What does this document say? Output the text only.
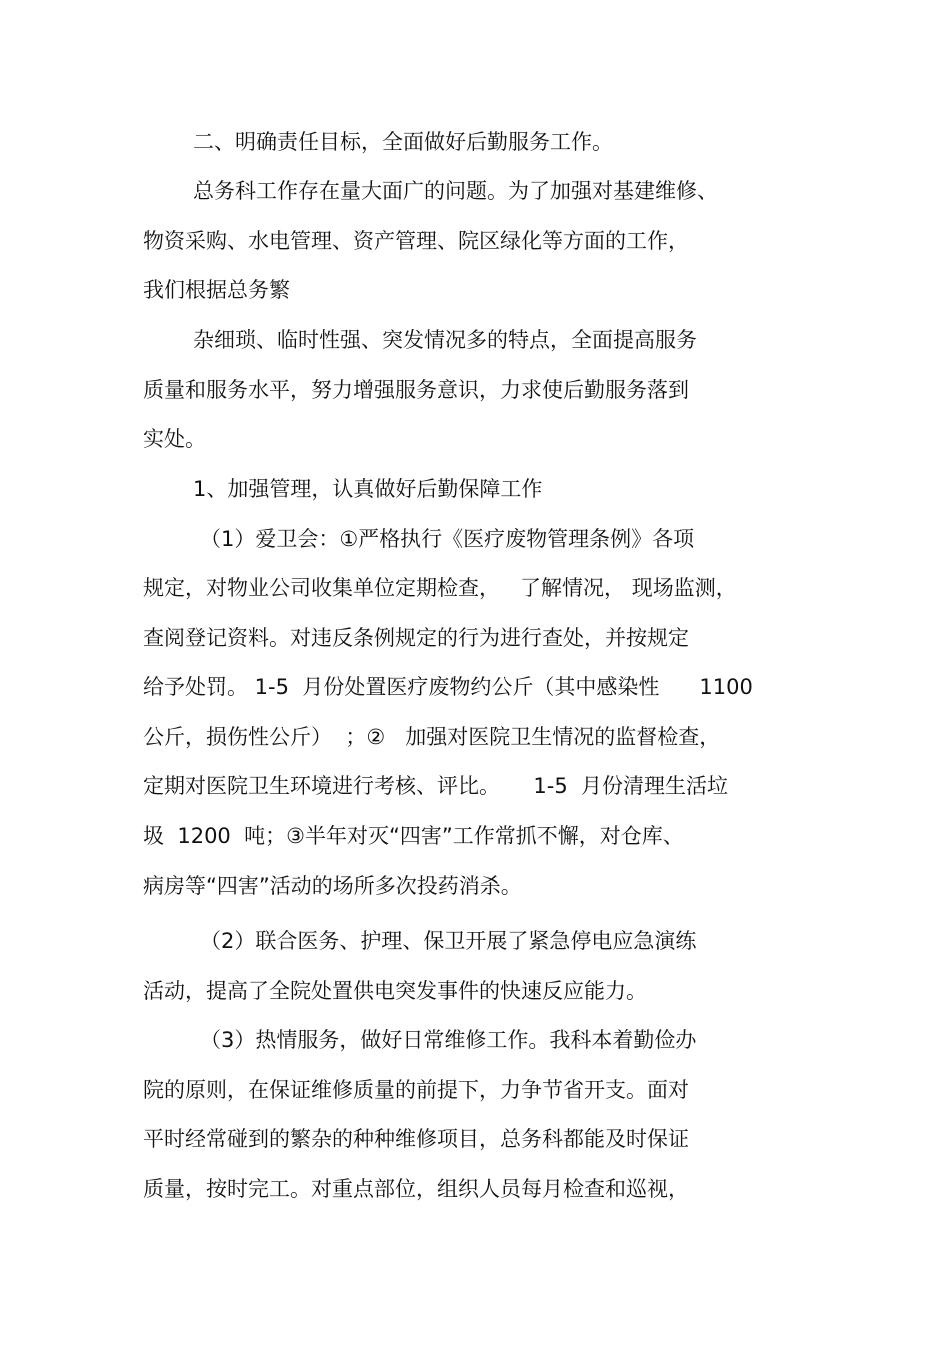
二、明确责任目标，全面做好后勤服务工作。
总务科工作存在量大面广的问题。为了加强对基建维修、
物资采购、水电管理、资产管理、院区绿化等方面的工作，
我们根据总务繁
杂细琐、临时性强、突发情况多的特点，全面提高服务
质量和服务水平，努力增强服务意识，力求使后勤服务落到
实处。
1、加强管理，认真做好后勤保障工作
（1）爱卫会：①严格执行《医疗废物管理条例》各项
规定，对物业公司收集单位定期检查，   了解情况， 现场监测，
查阅登记资料。对违反条例规定的行为进行查处，并按规定
给予处罚。 1-5  月份处置医疗废物约公斤（其中感染性      1100
公斤，损伤性公斤）  ；②   加强对医院卫生情况的监督检查，
定期对医院卫生环境进行考核、评比。     1-5  月份清理生活垃
圾  1200  吨；③半年对灭“四害”工作常抓不懈，对仓库、
病房等“四害”活动的场所多次投药消杀。
（2）联合医务、护理、保卫开展了紧急停电应急演练
活动，提高了全院处置供电突发事件的快速反应能力。
（3）热情服务，做好日常维修工作。我科本着勤俭办
院的原则，在保证维修质量的前提下，力争节省开支。面对
平时经常碰到的繁杂的种种维修项目，总务科都能及时保证
质量，按时完工。对重点部位，组织人员每月检查和巡视，
